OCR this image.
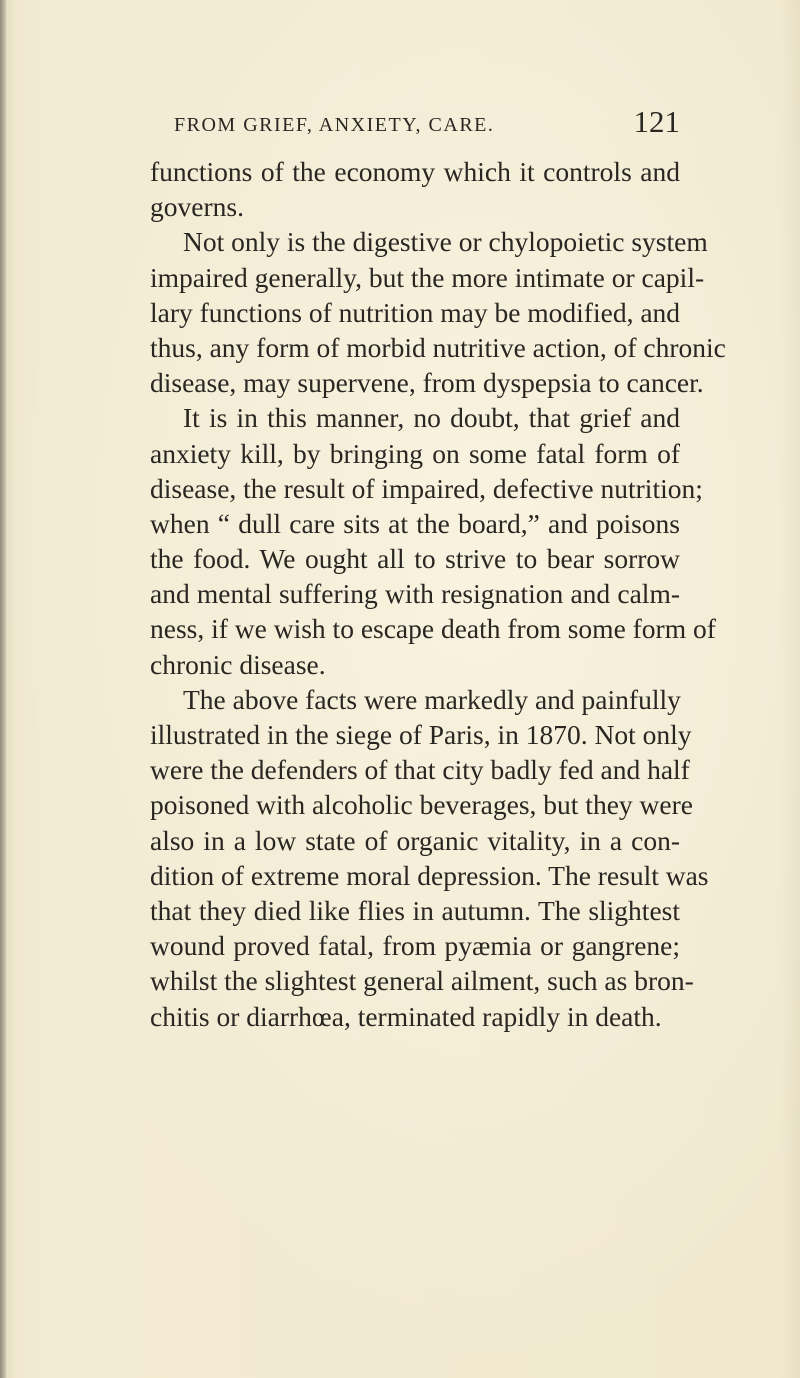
FROM GRIEF, ANXIETY, CARE.	121
functions of the economy which it controls and
governs.
Not only is the digestive or chylopoietic system
impaired generally, but the more intimate or capil-
lary functions of nutrition may be modified, and
thus, any form of morbid nutritive action, of chronic
disease, may supervene, from dyspepsia to cancer.
It is in this manner, no doubt, that grief and
anxiety kill, by bringing on some fatal form of
disease, the result of impaired, defective nutrition;
when “ dull care sits at the board,” and poisons
the food. We ought all to strive to bear sorrow
and mental suffering with resignation and calm-
ness, if we wish to escape death from some form of
chronic disease.
The above facts were markedly and painfully
illustrated in the siege of Paris, in 1870. Not only
were the defenders of that city badly fed and half
poisoned with alcoholic beverages, but they were
also in a low state of organic vitality, in a con-
dition of extreme moral depression. The result was
that they died like flies in autumn. The slightest
wound proved fatal, from pyæmia or gangrene;
whilst the slightest general ailment, such as bron-
chitis or diarrhœa, terminated rapidly in death.
